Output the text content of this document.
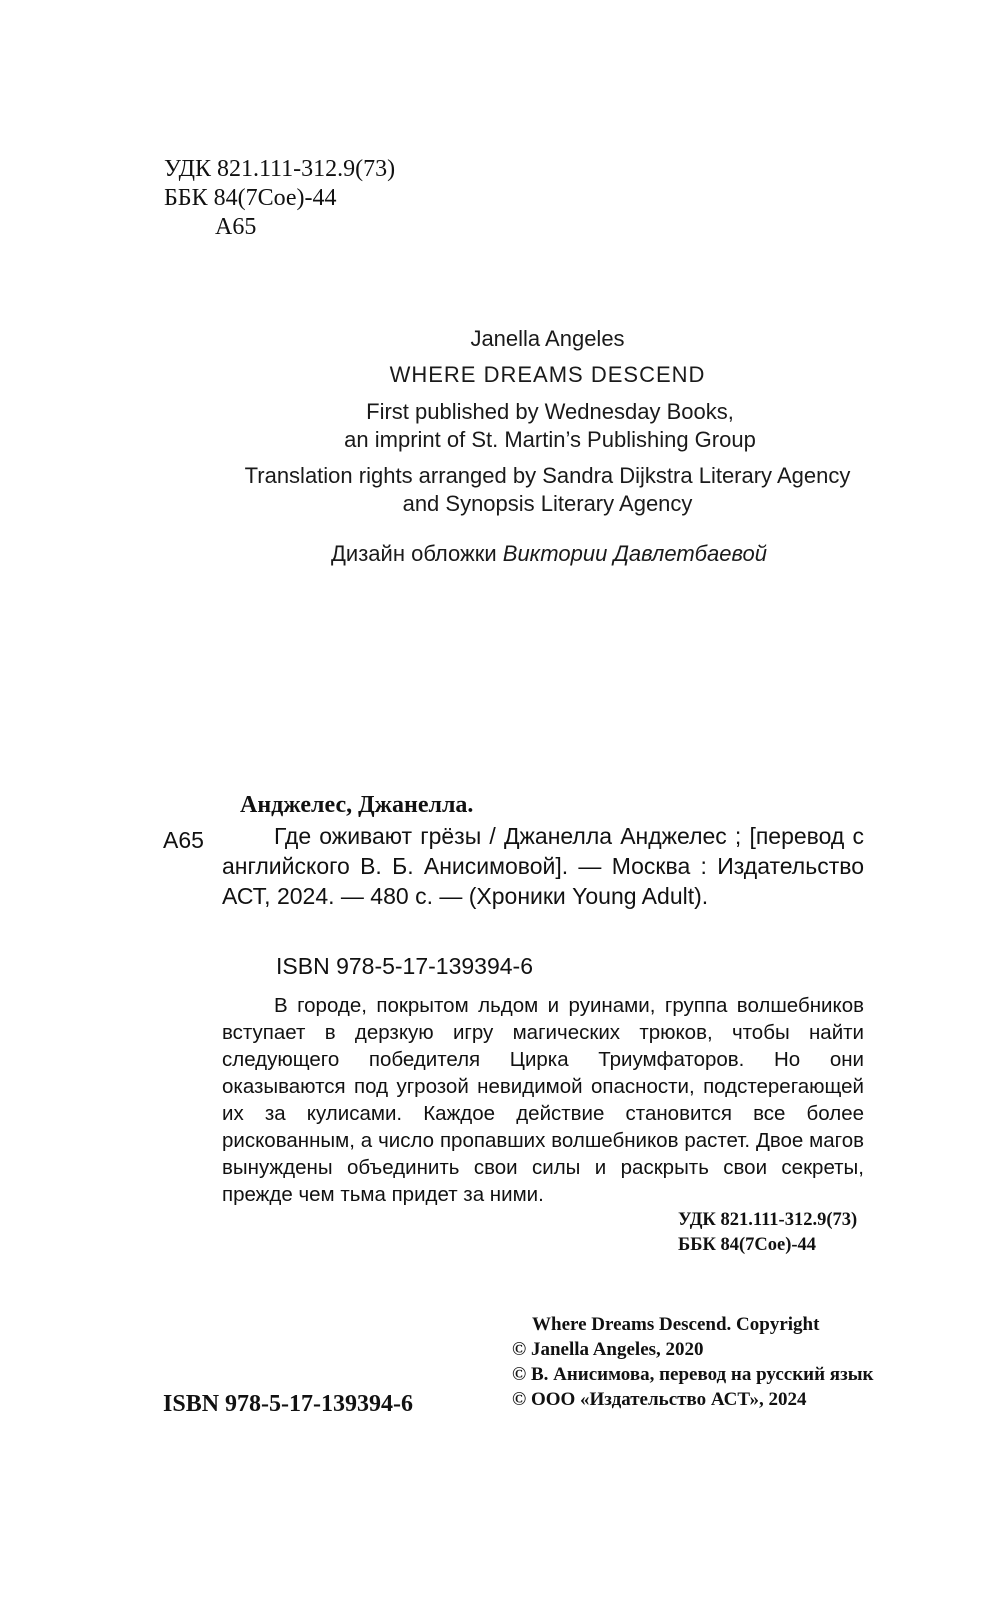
УДК 821.111-312.9(73)
ББК 84(7Сое)-44
А65
Janella Angeles
WHERE DREAMS DESCEND
First published by Wednesday Books,
an imprint of St. Martin’s Publishing Group
Translation rights arranged by Sandra Dijkstra Literary Agency
and Synopsis Literary Agency
Дизайн обложки Виктории Давлетбаевой
Анджелес, Джанелла.
А65	Где оживают грёзы / Джанелла Анджелес ; [перевод с английского В. Б. Анисимовой]. — Москва : Издательство АСТ, 2024. — 480 с. — (Хроники Young Adult).
ISBN 978-5-17-139394-6
В городе, покрытом льдом и руинами, группа волшебников вступает в дерзкую игру магических трюков, чтобы найти следующего победителя Цирка Триумфаторов. Но они оказываются под угрозой невидимой опасности, подстерегающей их за кулисами. Каждое действие становится все более рискованным, а число пропавших волшебников растет. Двое магов вынуждены объединить свои силы и раскрыть свои секреты, прежде чем тьма придет за ними.
УДК 821.111-312.9(73)
ББК 84(7Сое)-44
Where Dreams Descend. Copyright
© Janella Angeles, 2020
© В. Анисимова, перевод на русский язык
© ООО «Издательство АСТ», 2024
ISBN 978-5-17-139394-6
